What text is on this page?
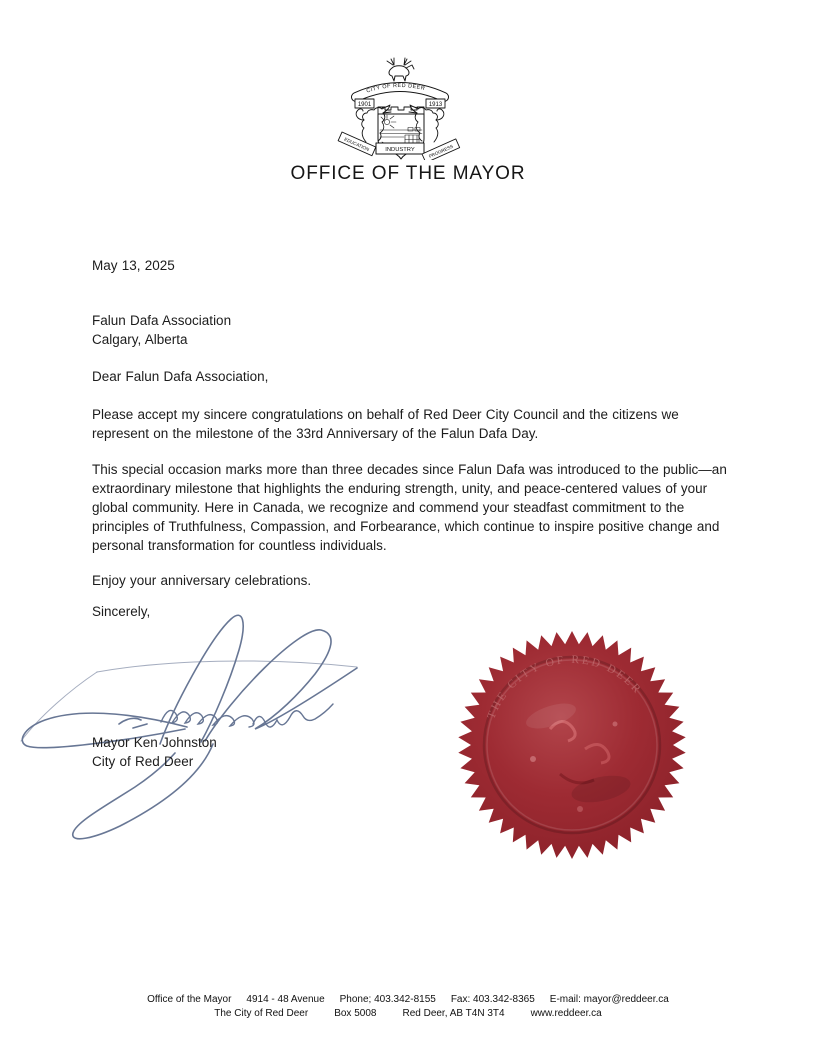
CITY OF RED DEER
1901	1913
EDUCATION	INDUSTRY	PROGRESS
OFFICE OF THE MAYOR
May 13, 2025
Falun Dafa Association
Calgary, Alberta
Dear Falun Dafa Association,

Please accept my sincere congratulations on behalf of Red Deer City Council and the citizens we represent on the milestone of the 33rd Anniversary of the Falun Dafa Day.

This special occasion marks more than three decades since Falun Dafa was introduced to the public—an extraordinary milestone that highlights the enduring strength, unity, and peace-centered values of your global community. Here in Canada, we recognize and commend your steadfast commitment to the principles of Truthfulness, Compassion, and Forbearance, which continue to inspire positive change and personal transformation for countless individuals.

Enjoy your anniversary celebrations.

Sincerely,
Mayor Ken Johnston
City of Red Deer
THE CITY OF RED DEER
Office of the Mayor 4914 - 48 Avenue Phone; 403.342-8155 Fax: 403.342-8365 E-mail: mayor@reddeer.ca
The City of Red Deer	Box 5008	Red Deer, AB T4N 3T4	www.reddeer.ca
